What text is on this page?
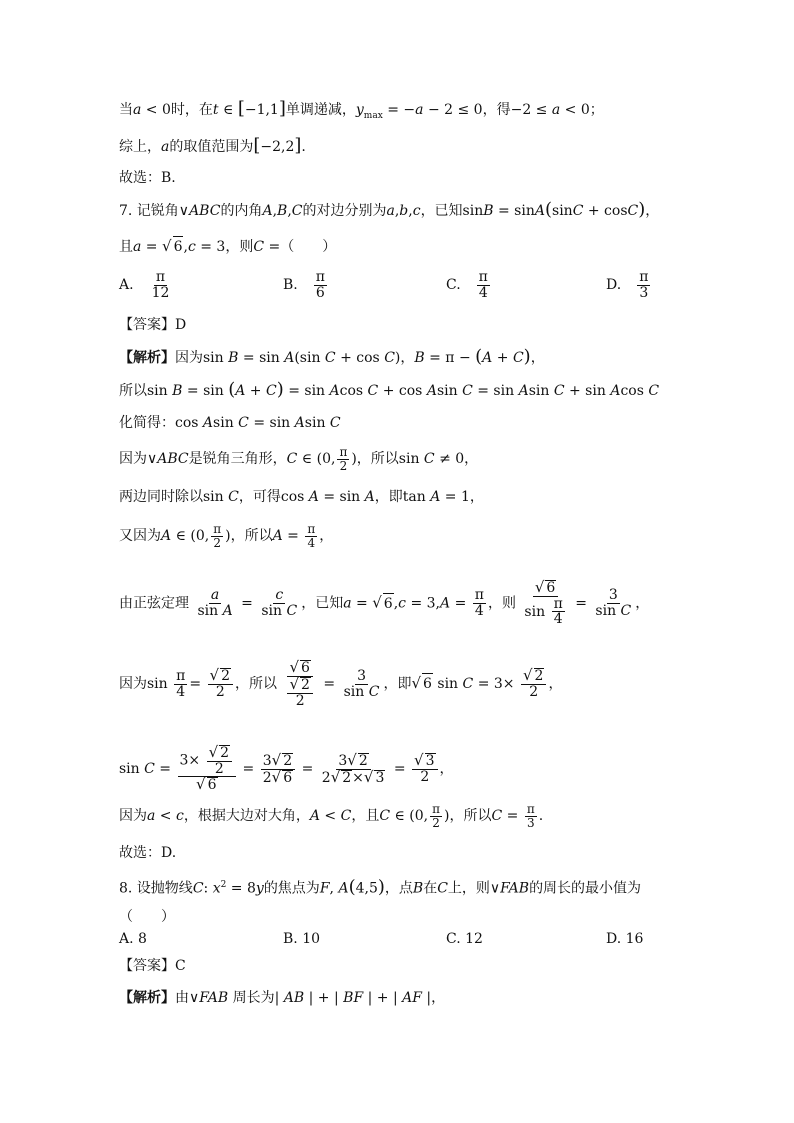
当a < 0时，在t ∈ [−1,1]单调递减，$y_{max} = -a - 2 \le 0$，得−2 ≤ a < 0；
综上，a的取值范围为[−2,2].
故选：B.
7. 记锐角∨ABC的内角A,B,C的对边分别为a,b,c，已知sinB = sinA(sinC + cosC)，
且a = √ 6,c = 3，则C =（　　）
A. $\frac{\pi}{12}$	B. $\frac{\pi}{6}$	C. $\frac{\pi}{4}$	D. $\frac{\pi}{3}$
【答案】D
【解析】因为sin B = sin A(sin C + cos C)，B = π − (A + C)，
所以sin B = sin (A + C) = sin Acos C + cos Asin C = sin Asin C + sin Acos C
化简得：cos Asin C = sin Asin C
因为∨ABC是锐角三角形，C ∈ (0, $\frac{\pi}{2}$ )，所以sin C ≠ 0，
两边同时除以sin C，可得cos A = sin A，即tan A = 1，
又因为A ∈ (0, $\frac{\pi}{2}$ )，所以$A = \frac{\pi}{4}$ ，
由正弦定理 $\frac{a}{\text{sin A}} = \frac{c}{\text{sin C}}$ ，已知a = √ $6,c = 3,A = \frac{\pi}{4}$ ，则 $\frac{√ 6}{\sin \frac{\pi}{4}} = \frac{3}{\text{sin C}}$ ，
因为$\sin \frac{\pi}{4} = \frac{√ 2}{2}$ ，所以 $\frac{√ 6}{\frac{√ 2}{2}} = \frac{3}{\text{sin C}}$ ，即√ 6 $\sin C = 3\times \frac{√ 2}{2}$ ，
$\sin C = \frac{3\times \frac{√ 2}{2}}{√ 6} = \frac{3√ 2}{2√ 6} = \frac{3√ 2}{2√ 2\times√ 3} = \frac{√ 3}{2}$ ，
因为a < c，根据大边对大角，A < C，且C ∈ (0, $\frac{\pi}{2}$ )，所以$C = \frac{\pi}{3}$ .
故选：D.
8. 设抛物线C: $x^2 = 8y$的焦点为F, A(4,5)，点B在C上，则∨FAB的周长的最小值为
（　　）
A. 8	B. 10	C. 12	D. 16
【答案】C
【解析】由∨FAB 周长为| AB | + | BF | + | AF |，
